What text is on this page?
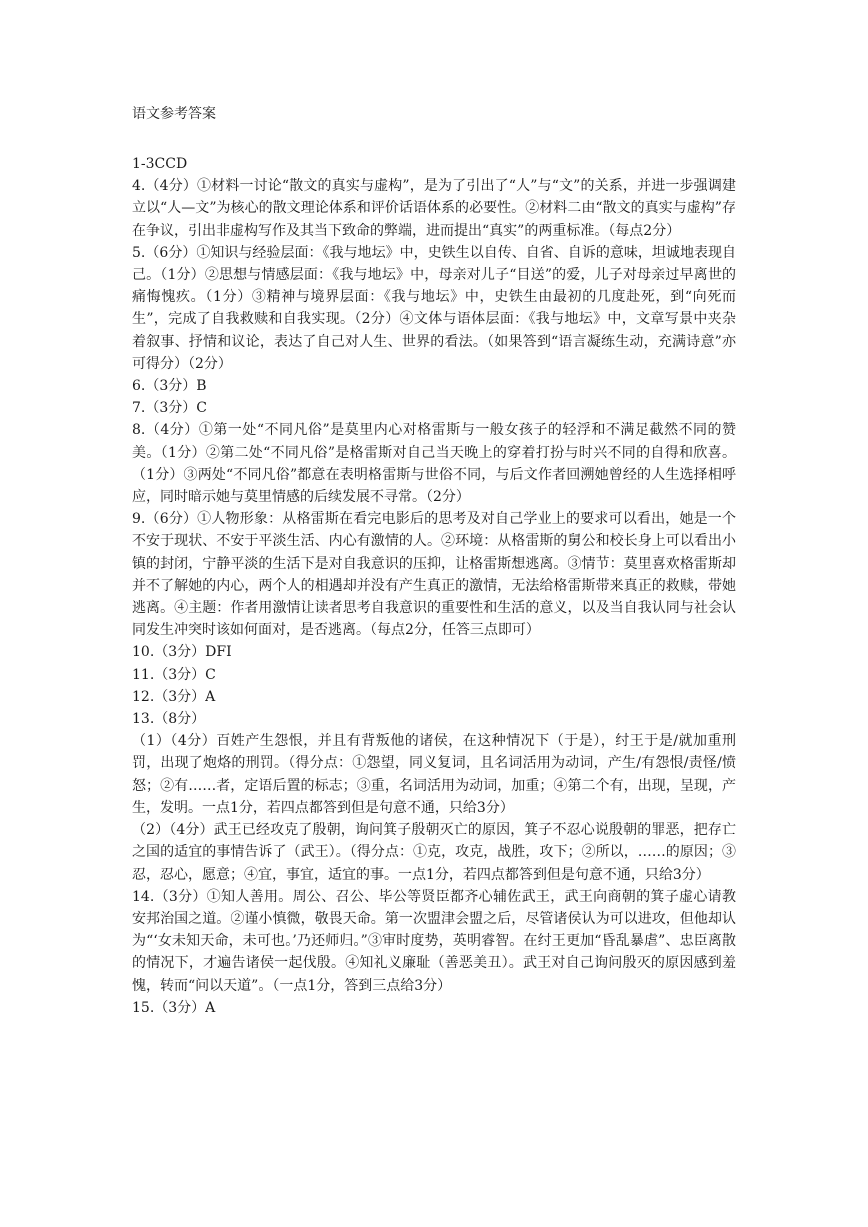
语文参考答案

1-3CCD

4.（4分）①材料一讨论“散文的真实与虚构”，是为了引出了“人”与“文”的关系，并进一步强调建立以“人—文”为核心的散文理论体系和评价话语体系的必要性。②材料二由“散文的真实与虚构”存在争议，引出非虚构写作及其当下致命的弊端，进而提出“真实”的两重标准。（每点2分）

5.（6分）①知识与经验层面：《我与地坛》中，史铁生以自传、自省、自诉的意味，坦诚地表现自己。（1分）②思想与情感层面：《我与地坛》中，母亲对儿子“目送”的爱，儿子对母亲过早离世的痛悔愧疚。（1分）③精神与境界层面：《我与地坛》中，史铁生由最初的几度赴死，到“向死而生”，完成了自我救赎和自我实现。（2分）④文体与语体层面：《我与地坛》中，文章写景中夹杂着叙事、抒情和议论，表达了自己对人生、世界的看法。（如果答到“语言凝练生动，充满诗意”亦可得分）（2分）

6.（3分）B

7.（3分）C

8.（4分）①第一处“不同凡俗”是莫里内心对格雷斯与一般女孩子的轻浮和不满足截然不同的赞美。（1分）②第二处“不同凡俗”是格雷斯对自己当天晚上的穿着打扮与时兴不同的自得和欣喜。（1分）③两处“不同凡俗”都意在表明格雷斯与世俗不同，与后文作者回溯她曾经的人生选择相呼应，同时暗示她与莫里情感的后续发展不寻常。（2分）

9.（6分）①人物形象：从格雷斯在看完电影后的思考及对自己学业上的要求可以看出，她是一个不安于现状、不安于平淡生活、内心有激情的人。②环境：从格雷斯的舅公和校长身上可以看出小镇的封闭，宁静平淡的生活下是对自我意识的压抑，让格雷斯想逃离。③情节：莫里喜欢格雷斯却并不了解她的内心，两个人的相遇却并没有产生真正的激情，无法给格雷斯带来真正的救赎，带她逃离。④主题：作者用激情让读者思考自我意识的重要性和生活的意义，以及当自我认同与社会认同发生冲突时该如何面对，是否逃离。（每点2分，任答三点即可）

10.（3分）DFI

11.（3分）C

12.（3分）A

13.（8分）

（1）（4分）百姓产生怨恨，并且有背叛他的诸侯，在这种情况下（于是），纣王于是/就加重刑罚，出现了炮烙的刑罚。（得分点：①怨望，同义复词，且名词活用为动词，产生/有怨恨/责怪/愤怒；②有……者，定语后置的标志；③重，名词活用为动词，加重；④第二个有，出现，呈现，产生，发明。一点1分，若四点都答到但是句意不通，只给3分）

（2）（4分）武王已经攻克了殷朝，询问箕子殷朝灭亡的原因，箕子不忍心说殷朝的罪恶，把存亡之国的适宜的事情告诉了（武王）。（得分点：①克，攻克，战胜，攻下；②所以，……的原因；③忍，忍心，愿意；④宜，事宜，适宜的事。一点1分，若四点都答到但是句意不通，只给3分）

14.（3分）①知人善用。周公、召公、毕公等贤臣都齐心辅佐武王，武王向商朝的箕子虚心请教安邦治国之道。②谨小慎微，敬畏天命。第一次盟津会盟之后，尽管诸侯认为可以进攻，但他却认为“‘女未知天命，未可也。’乃还师归。”③审时度势，英明睿智。在纣王更加“昏乱暴虐”、忠臣离散的情况下，才遍告诸侯一起伐殷。④知礼义廉耻（善恶美丑）。武王对自己询问殷灭的原因感到羞愧，转而“问以天道”。（一点1分，答到三点给3分）

15.（3分）A
